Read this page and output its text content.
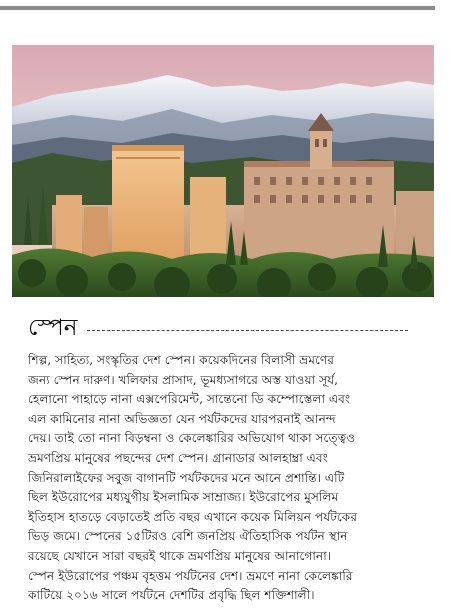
স্পেন
শিল্প, সাহিত্য, সংস্কৃতির দেশ স্পেন। কয়েকদিনের বিলাসী ভ্রমণের
জন্য স্পেন দারুণ। খলিফার প্রাসাদ, ভূমধ্যসাগরে অস্ত যাওয়া সূর্য,
হেলানো পাহাড়ে নানা এক্সপেরিমেন্ট, সান্তেনো ডি কম্পোস্তেলা এবং
এল কামিনোর নানা অভিজ্ঞতা যেন পর্যটকদের যারপরনাই আনন্দ
দেয়। তাই তো নানা বিড়ম্বনা ও কেলেঙ্কারির অভিযোগ থাকা সত্ত্বেও
ভ্রমণপ্রিয় মানুষের পছন্দের দেশ স্পেন। গ্রানাডার আলহাম্ব্রা এবং
জিনিরালাইফের সবুজ বাগানটি পর্যটকদের মনে আনে প্রশান্তি। এটি
ছিল ইউরোপের মধ্যযুগীয় ইসলামিক সাম্রাজ্য। ইউরোপের মুসলিম
ইতিহাস হাতড়ে বেড়াতেই প্রতি বছর এখানে কয়েক মিলিয়ন পর্যটকের
ভিড় জমে। স্পেনের ১৫টিরও বেশি জনপ্রিয় ঐতিহাসিক পর্যটন স্থান
রয়েছে যেখানে সারা বছরই থাকে ভ্রমণপ্রিয় মানুষের আনাগোনা।
স্পেন ইউরোপের পঞ্চম বৃহত্তম পর্যটনের দেশ। ভ্রমণে নানা কেলেঙ্কারি
কাটিয়ে ২০১৬ সালে পর্যটনে দেশটির প্রবৃদ্ধি ছিল শক্তিশালী।
